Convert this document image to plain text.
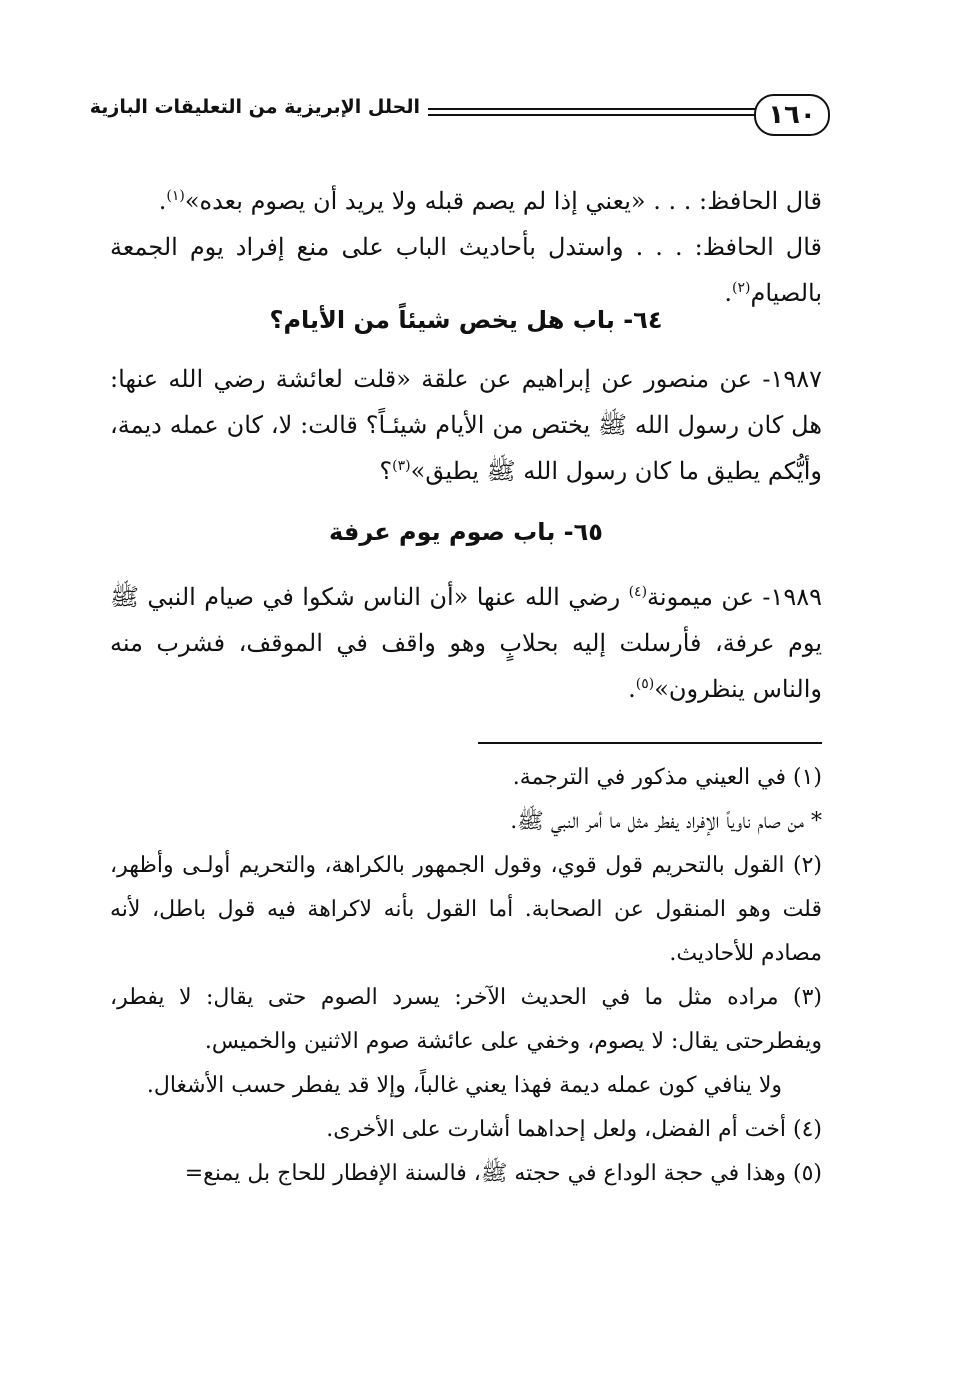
١٦٠
الحلل الإبريزية من التعليقات البازية

قال الحافظ: . . . «يعني إذا لم يصم قبله ولا يريد أن يصوم بعده»$^{(١)}$.

قال الحافظ: . . . واستدل بأحاديث الباب على منع إفراد يوم الجمعة بالصيام$^{(٢)}$.

٦٤- باب هل يخص شيئاً من الأيام؟

١٩٨٧- عن منصور عن إبراهيم عن علقة «قلت لعائشة رضي الله عنها: هل كان رسول الله ﷺ يختص من الأيام شيئـاً؟ قالت: لا، كان عمله ديمة، وأيُّكم يطيق ما كان رسول الله ﷺ يطيق»$^{(٣)}$؟

٦٥- باب صوم يوم عرفة

١٩٨٩- عن ميمونة$^{(٤)}$ رضي الله عنها «أن الناس شكوا في صيام النبي ﷺ يوم عرفة، فأرسلت إليه بحلابٍ وهو واقف في الموقف، فشرب منه والناس ينظرون»$^{(٥)}$.

(١) في العيني مذكور في الترجمة.

* من صام ناوياً الإفراد يفطر مثل ما أمر النبي ﷺ.

(٢) القول بالتحريم قول قوي، وقول الجمهور بالكراهة، والتحريم أولـى وأظهر، قلت وهو المنقول عن الصحابة. أما القول بأنه لاكراهة فيه قول باطل، لأنه مصادم للأحاديث.

(٣) مراده مثل ما في الحديث الآخر: يسرد الصوم حتى يقال: لا يفطر، ويفطرحتى يقال: لا يصوم، وخفي على عائشة صوم الاثنين والخميس.

ولا ينافي كون عمله ديمة فهذا يعني غالباً، وإلا قد يفطر حسب الأشغال.

(٤) أخت أم الفضل، ولعل إحداهما أشارت على الأخرى.

(٥) وهذا في حجة الوداع في حجته ﷺ، فالسنة الإفطار للحاج بل يمنع=
